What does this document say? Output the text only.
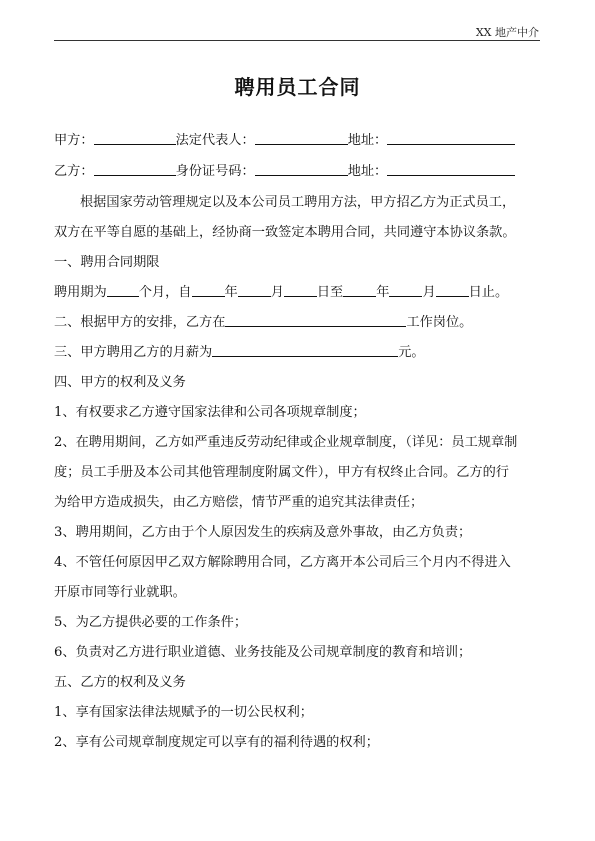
XX 地产中介
聘用员工合同
甲方：	法定代表人：	地址：
乙方：	身份证号码：	地址：
根据国家劳动管理规定以及本公司员工聘用方法，甲方招乙方为正式员工，
双方在平等自愿的基础上，经协商一致签定本聘用合同，共同遵守本协议条款。
一、聘用合同期限
聘用期为 个月，自	年	月	日至	年	月	日止。
二、根据甲方的安排，乙方在	工作岗位。
三、甲方聘用乙方的月薪为	元。
四、甲方的权利及义务
1、有权要求乙方遵守国家法律和公司各项规章制度；
2、在聘用期间，乙方如严重违反劳动纪律或企业规章制度，（详见：员工规章制
度；员工手册及本公司其他管理制度附属文件），甲方有权终止合同。乙方的行
为给甲方造成损失，由乙方赔偿，情节严重的追究其法律责任；
3、聘用期间，乙方由于个人原因发生的疾病及意外事故，由乙方负责；
4、不管任何原因甲乙双方解除聘用合同，乙方离开本公司后三个月内不得进入
开原市同等行业就职。
5、为乙方提供必要的工作条件；
6、负责对乙方进行职业道德、业务技能及公司规章制度的教育和培训；
五、乙方的权利及义务
1、享有国家法律法规赋予的一切公民权利；
2、享有公司规章制度规定可以享有的福利待遇的权利；
